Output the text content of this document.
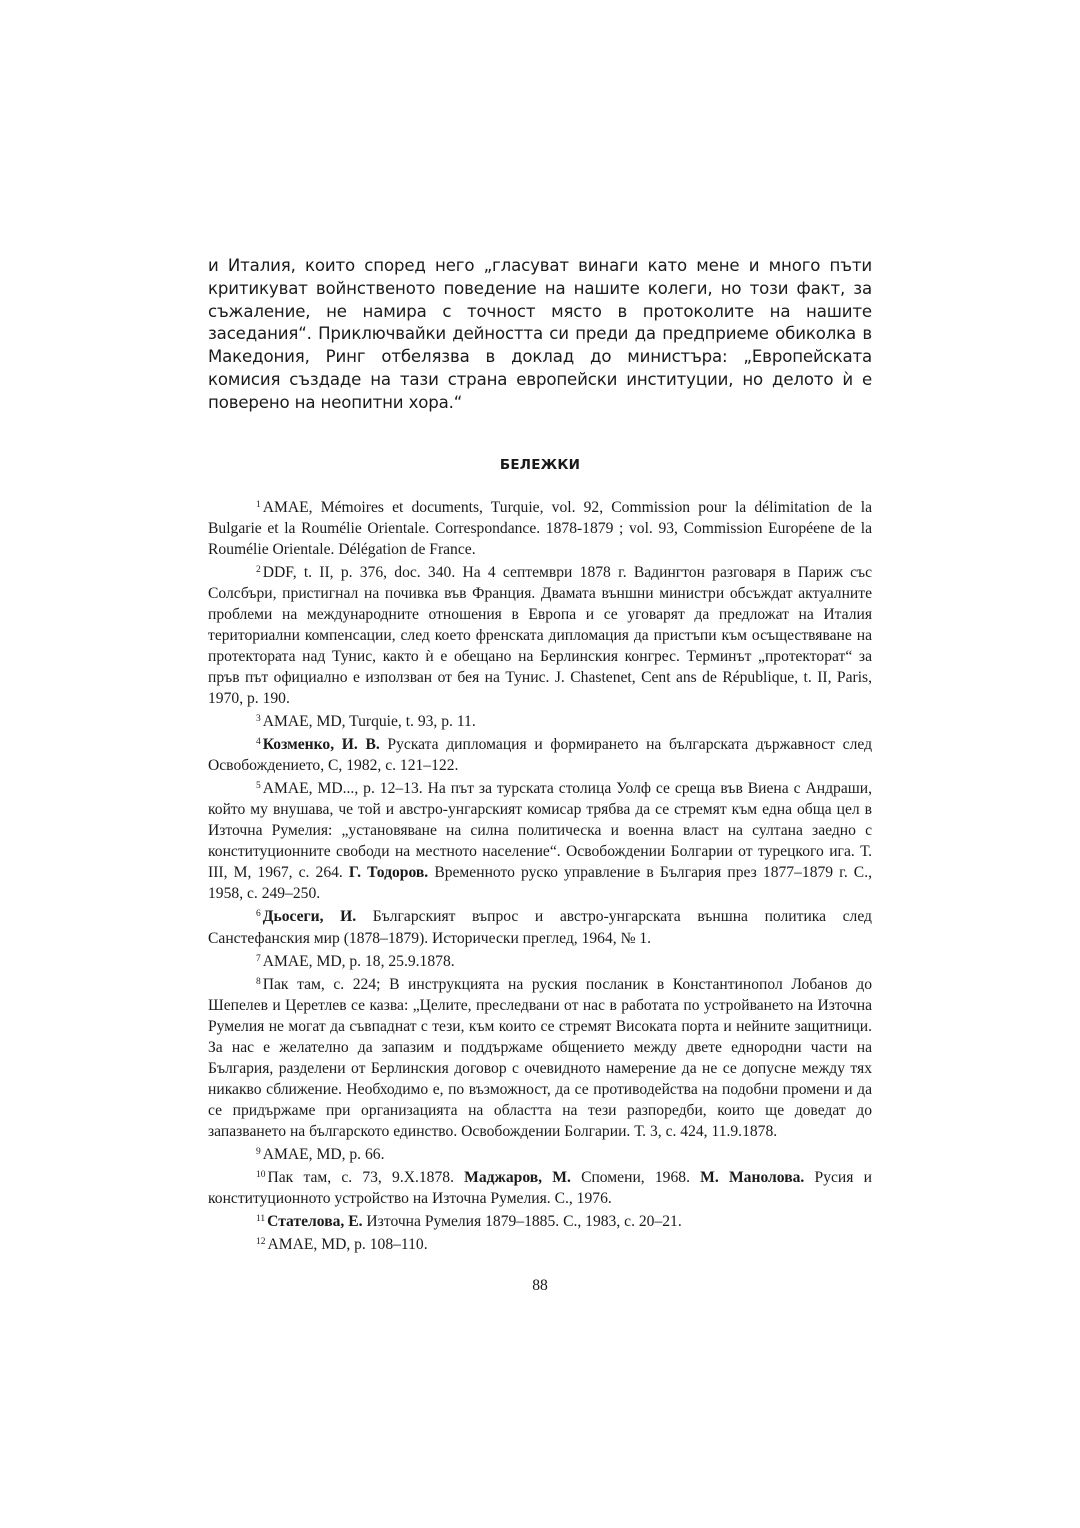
и Италия, които според него „гласуват винаги като мене и много пъти критикуват войнственото поведение на нашите колеги, но този факт, за съжаление, не намира с точност място в протоколите на нашите заседания“. Приключвайки дейността си преди да предприеме обиколка в Македония, Ринг отбелязва в доклад до министъра: „Европейската комисия създаде на тази страна европейски институции, но делото ѝ е поверено на неопитни хора.“

БЕЛЕЖКИ

$^1$ AMAE, Mémoires et documents, Turquie, vol. 92, Commission pour la délimitation de la Bulgarie et la Roumélie Orientale. Correspondance. 1878-1879 ; vol. 93, Commission Européene de la Roumélie Orientale. Délégation de France.

$^2$ DDF, t. II, p. 376, doc. 340. На 4 септември 1878 г. Вадингтон разговаря в Париж със Солсбъри, пристигнал на почивка във Франция. Двамата външни министри обсъждат актуалните проблеми на международните отношения в Европа и се уговарят да предложат на Италия териториални компенсации, след което френската дипломация да пристъпи към осъществяване на протектората над Тунис, както ѝ е обещано на Берлинския конгрес. Терминът „протекторат“ за пръв път официално е използван от бея на Тунис. J. Chastenet, Cent ans de République, t. II, Paris, 1970, p. 190.

$^3$ AMAE, MD, Turquie, t. 93, p. 11.

$^4$ Козменко, И. В. Руската дипломация и формирането на българската държавност след Освобождението, С, 1982, с. 121–122.

$^5$ AMAE, MD..., p. 12–13. На път за турската столица Уолф се среща във Виена с Андраши, който му внушава, че той и австро-унгарският комисар трябва да се стремят към една обща цел в Източна Румелия: „установяване на силна политическа и военна власт на султана заедно с конституционните свободи на местното население“. Освобождении Болгарии от турецкого ига. Т. III, М, 1967, с. 264. Г. Тодоров. Временното руско управление в България през 1877–1879 г. С., 1958, с. 249–250.

$^6$ Дьосеги, И. Българският въпрос и австро-унгарската външна политика след Санстефанския мир (1878–1879). Исторически преглед, 1964, № 1.

$^7$ AMAE, MD, p. 18, 25.9.1878.

$^8$ Пак там, с. 224; В инструкцията на руския посланик в Константинопол Лобанов до Шепелев и Церетлев се казва: „Целите, преследвани от нас в работата по устройването на Източна Румелия не могат да съвпаднат с тези, към които се стремят Високата порта и нейните защитници. За нас е желателно да запазим и поддържаме общението между двете еднородни части на България, разделени от Берлинския договор с очевидното намерение да не се допусне между тях никакво сближение. Необходимо е, по възможност, да се противодейства на подобни промени и да се придържаме при организацията на областта на тези разпоредби, които ще доведат до запазването на българското единство. Освобождении Болгарии. Т. 3, с. 424, 11.9.1878.

$^9$ AMAE, MD, p. 66.

$^{10}$ Пак там, с. 73, 9.Х.1878. Маджаров, М. Спомени, 1968. М. Манолова. Русия и конституционното устройство на Източна Румелия. С., 1976.

$^{11}$ Стателова, Е. Източна Румелия 1879–1885. С., 1983, с. 20–21.

$^{12}$ AMAE, MD, p. 108–110.

88
